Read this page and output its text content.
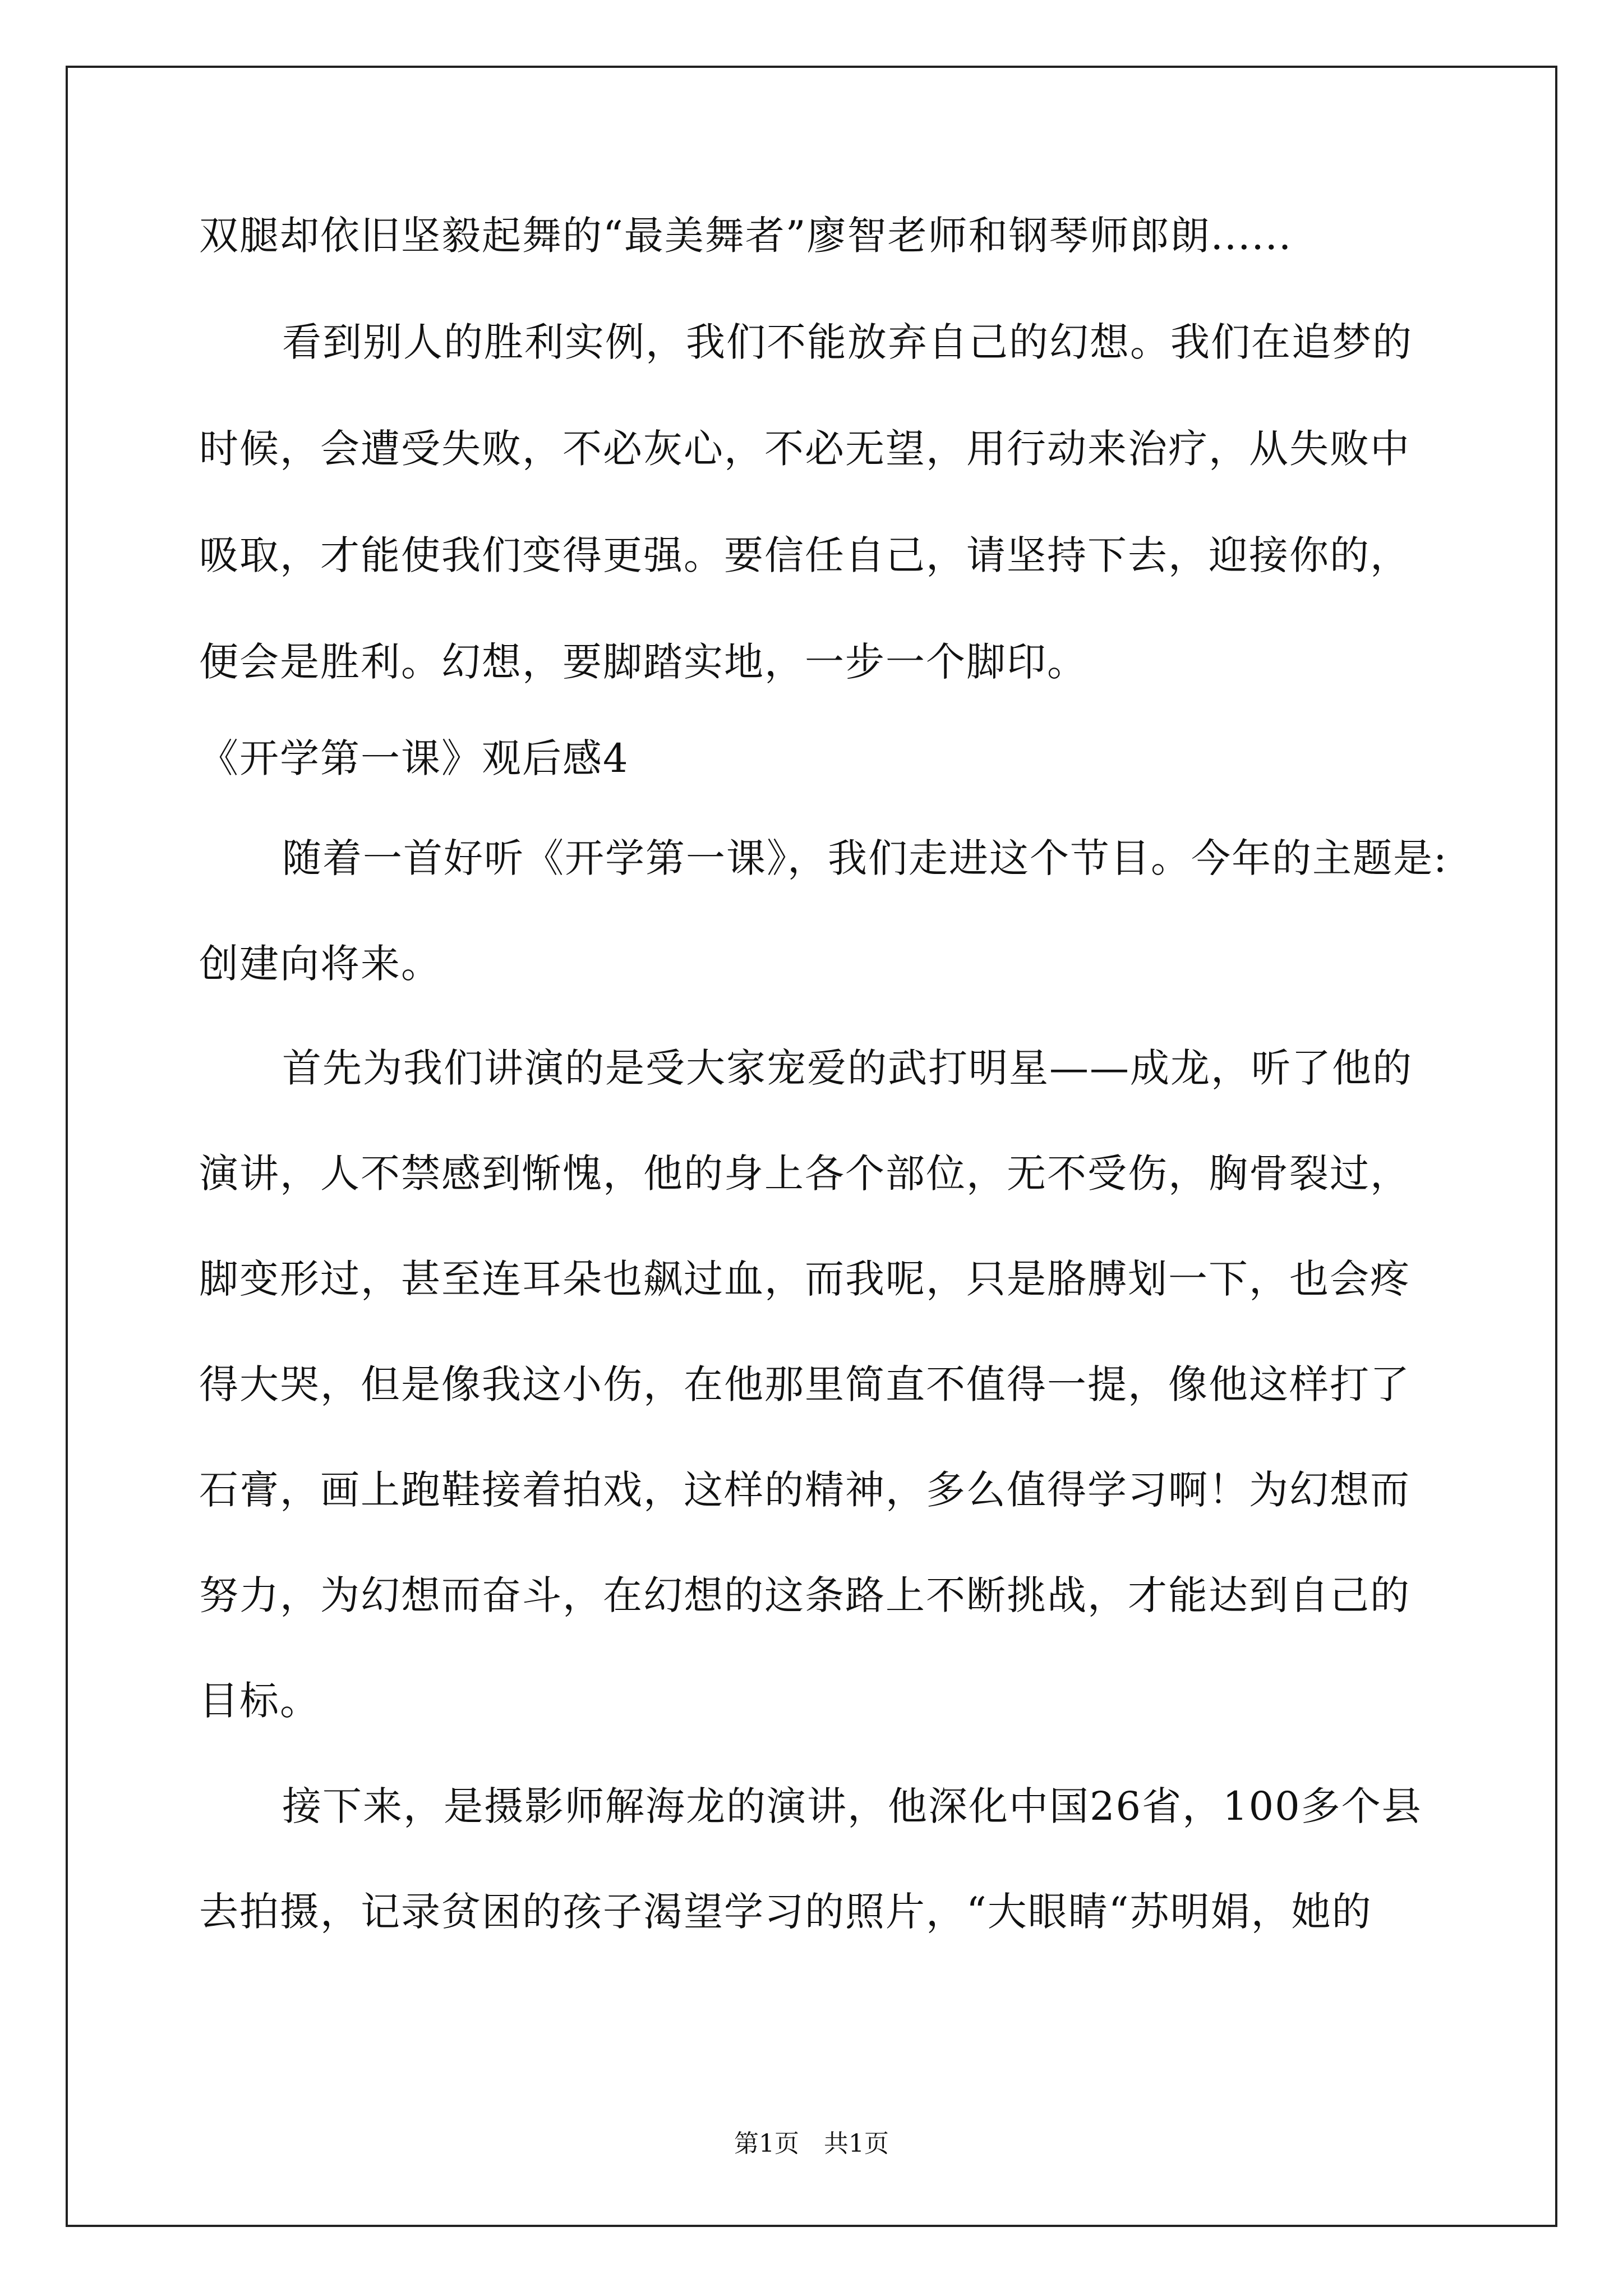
双腿却依旧坚毅起舞的“最美舞者”廖智老师和钢琴师郎朗......
看到别人的胜利实例，我们不能放弃自己的幻想。我们在追梦的
时候，会遭受失败，不必灰心，不必无望，用行动来治疗，从失败中
吸取，才能使我们变得更强。要信任自己，请坚持下去，迎接你的，
便会是胜利。幻想，要脚踏实地，一步一个脚印。
《开学第一课》观后感4
随着一首好听《开学第一课》，我们走进这个节目。今年的主题是:
创建向将来。
首先为我们讲演的是受大家宠爱的武打明星——成龙，听了他的
演讲，人不禁感到惭愧，他的身上各个部位，无不受伤，胸骨裂过，
脚变形过，甚至连耳朵也飙过血，而我呢，只是胳膊划一下，也会疼
得大哭，但是像我这小伤，在他那里简直不值得一提，像他这样打了
石膏，画上跑鞋接着拍戏，这样的精神，多么值得学习啊！为幻想而
努力，为幻想而奋斗，在幻想的这条路上不断挑战，才能达到自己的
目标。
接下来，是摄影师解海龙的演讲，他深化中国26省，100多个县
去拍摄，记录贫困的孩子渴望学习的照片，“大眼睛“苏明娟，她的
第1页　共1页
